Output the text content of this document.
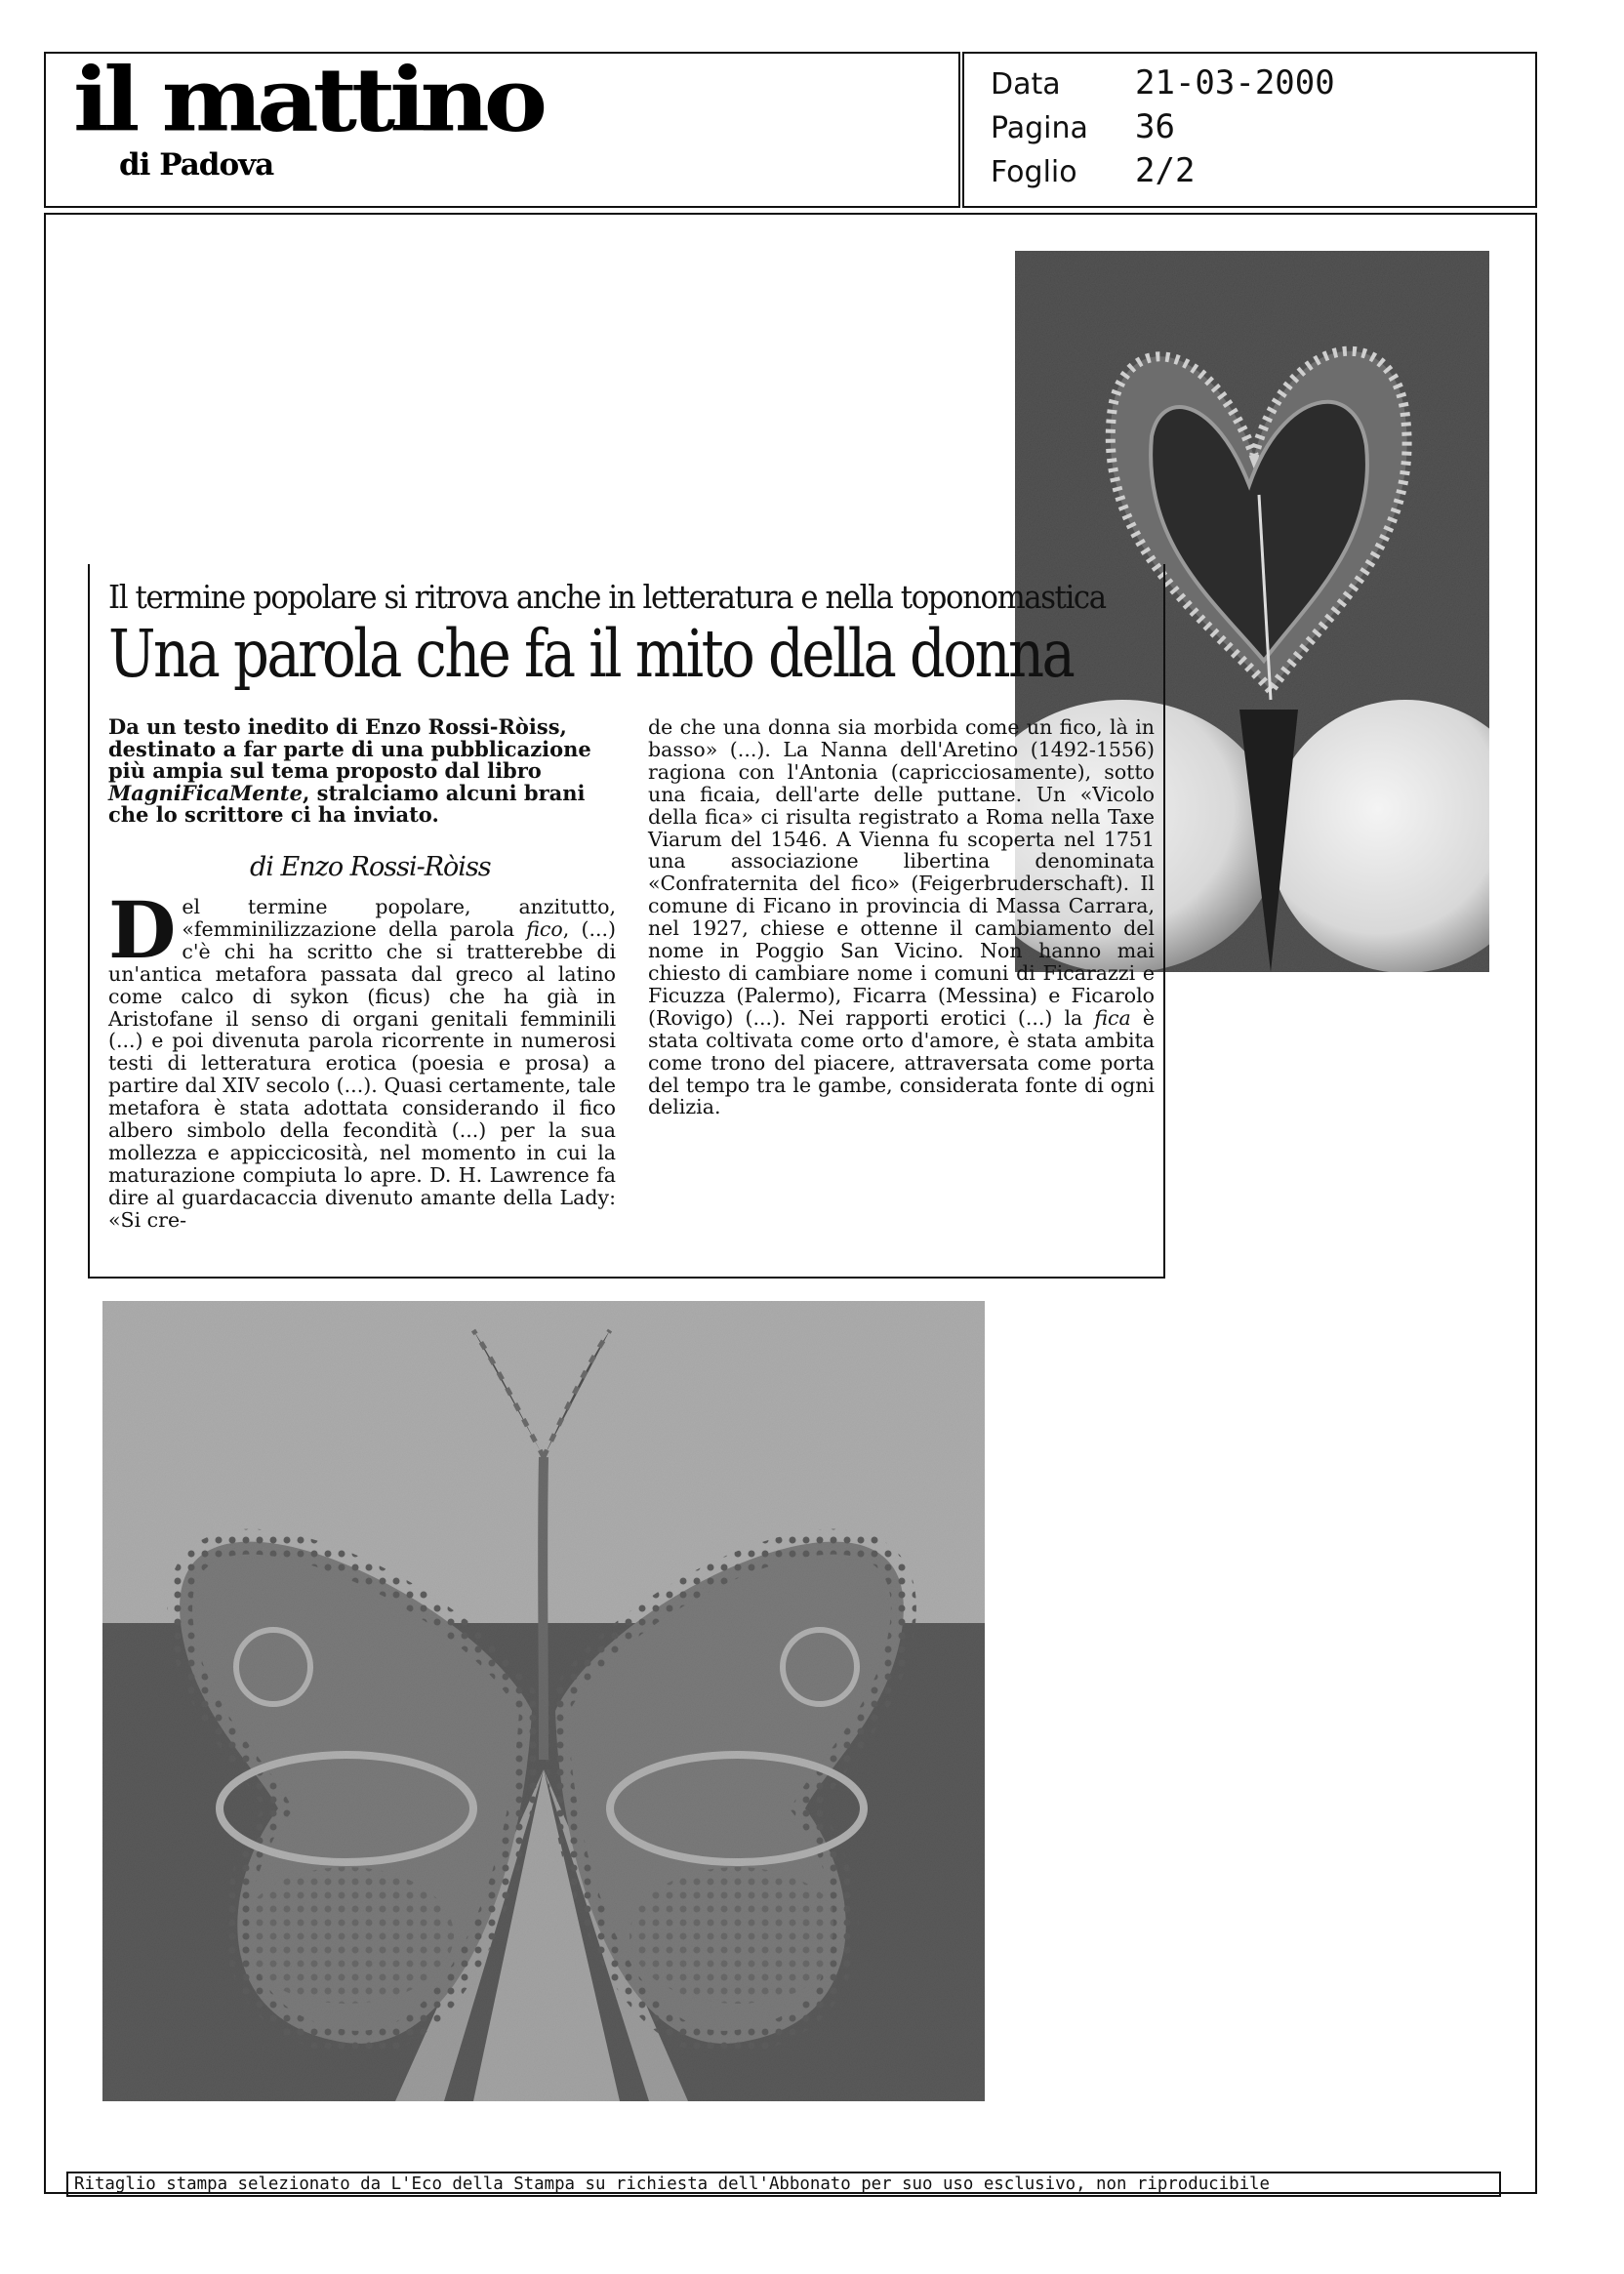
il mattino
di Padova
Data 21-03-2000
Pagina 36
Foglio 2/2
Il termine popolare si ritrova anche in letteratura e nella toponomastica
Una parola che fa il mito della donna
Da un testo inedito di Enzo Rossi-Ròiss, destinato a far parte di una pubblicazione più ampia sul tema proposto dal libro MagniFicaMente, stralciamo alcuni brani che lo scrittore ci ha inviato.
di Enzo Rossi-Ròiss

Del termine popolare, anzitutto, «femminilizzazione della parola fico, (...) c'è chi ha scritto che si tratterebbe di un'antica metafora passata dal greco al latino come calco di sykon (ficus) che ha già in Aristofane il senso di organi genitali femminili (...) e poi divenuta parola ricorrente in numerosi testi di letteratura erotica (poesia e prosa) a partire dal XIV secolo (...). Quasi certamente, tale metafora è stata adottata considerando il fico albero simbolo della fecondità (...) per la sua mollezza e appiccicosità, nel momento in cui la maturazione compiuta lo apre. D. H. Lawrence fa dire al guardacaccia divenuto amante della Lady: «Si cre-

de che una donna sia morbida come un fico, là in basso» (...). La Nanna dell'Aretino (1492-1556) ragiona con l'Antonia (capricciosamente), sotto una ficaia, dell'arte delle puttane. Un «Vicolo della fica» ci risulta registrato a Roma nella Taxe Viarum del 1546. A Vienna fu scoperta nel 1751 una associazione libertina denominata «Confraternita del fico» (Feigerbruderschaft). Il comune di Ficano in provincia di Massa Carrara, nel 1927, chiese e ottenne il cambiamento del nome in Poggio San Vicino. Non hanno mai chiesto di cambiare nome i comuni di Ficarazzi e Ficuzza (Palermo), Ficarra (Messina) e Ficarolo (Rovigo) (...). Nei rapporti erotici (...) la fica è stata coltivata come orto d'amore, è stata ambita come trono del piacere, attraversata come porta del tempo tra le gambe, considerata fonte di ogni delizia.

Ritaglio stampa selezionato da L'Eco della Stampa su richiesta dell'Abbonato per suo uso esclusivo, non riproducibile
